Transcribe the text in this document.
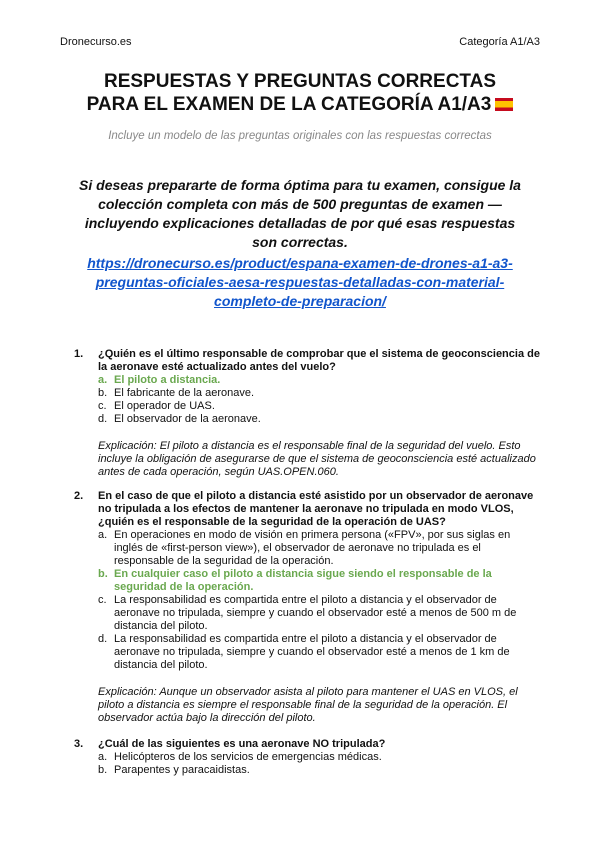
Dronecurso.es	Categoría A1/A3
RESPUESTAS Y PREGUNTAS CORRECTAS
PARA EL EXAMEN DE LA CATEGORÍA A1/A3
Incluye un modelo de las preguntas originales con las respuestas correctas
Si deseas prepararte de forma óptima para tu examen, consigue la colección completa con más de 500 preguntas de examen — incluyendo explicaciones detalladas de por qué esas respuestas son correctas.
https://dronecurso.es/product/espana-examen-de-drones-a1-a3-preguntas-oficiales-aesa-respuestas-detalladas-con-material-completo-de-preparacion/
1.	¿Quién es el último responsable de comprobar que el sistema de geoconsciencia de la aeronave esté actualizado antes del vuelo?
a. El piloto a distancia.
b. El fabricante de la aeronave.
c. El operador de UAS.
d. El observador de la aeronave.
Explicación: El piloto a distancia es el responsable final de la seguridad del vuelo. Esto incluye la obligación de asegurarse de que el sistema de geoconsciencia esté actualizado antes de cada operación, según UAS.OPEN.060.
2.	En el caso de que el piloto a distancia esté asistido por un observador de aeronave no tripulada a los efectos de mantener la aeronave no tripulada en modo VLOS, ¿quién es el responsable de la seguridad de la operación de UAS?
a. En operaciones en modo de visión en primera persona («FPV», por sus siglas en inglés de «first-person view»), el observador de aeronave no tripulada es el responsable de la seguridad de la operación.
b. En cualquier caso el piloto a distancia sigue siendo el responsable de la seguridad de la operación.
c. La responsabilidad es compartida entre el piloto a distancia y el observador de aeronave no tripulada, siempre y cuando el observador esté a menos de 500 m de distancia del piloto.
d. La responsabilidad es compartida entre el piloto a distancia y el observador de aeronave no tripulada, siempre y cuando el observador esté a menos de 1 km de distancia del piloto.
Explicación: Aunque un observador asista al piloto para mantener el UAS en VLOS, el piloto a distancia es siempre el responsable final de la seguridad de la operación. El observador actúa bajo la dirección del piloto.
3.	¿Cuál de las siguientes es una aeronave NO tripulada?
a. Helicópteros de los servicios de emergencias médicas.
b. Parapentes y paracaidistas.
